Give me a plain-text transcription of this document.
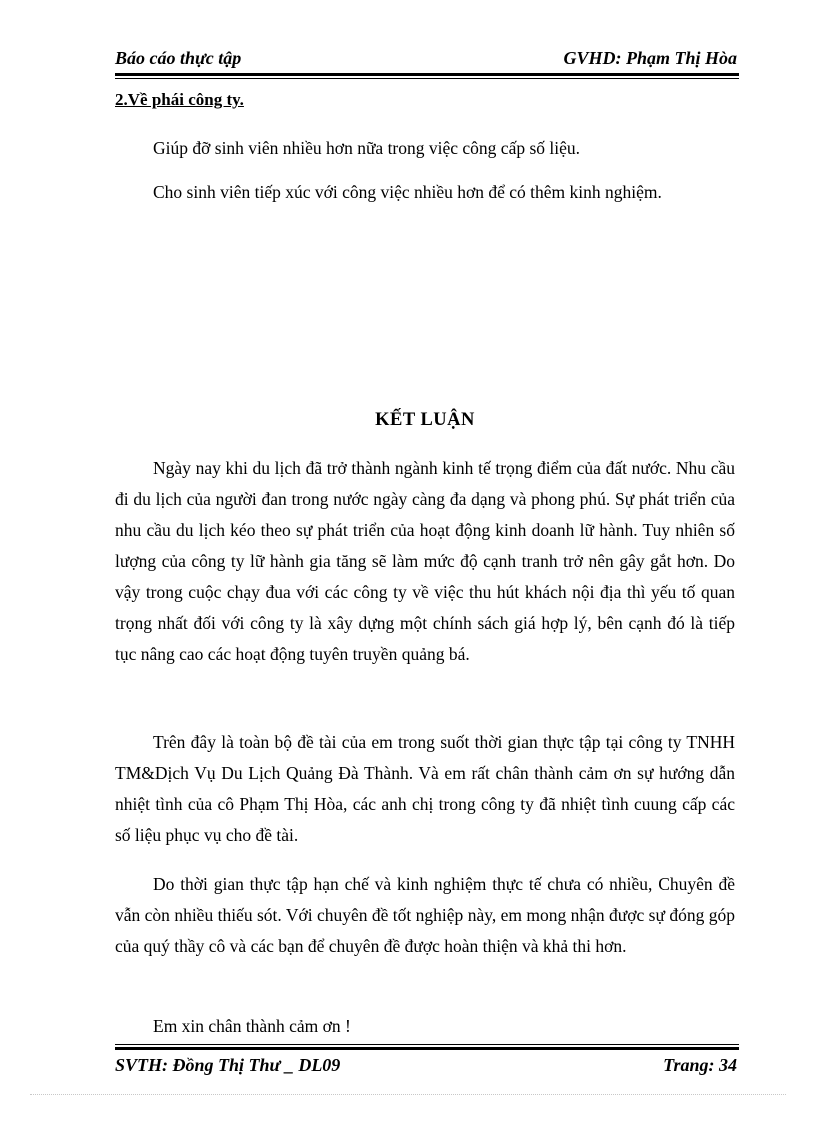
Báo cáo thực tập	GVHD: Phạm Thị Hòa
2.Về phái công ty.

Giúp đỡ sinh viên nhiều hơn nữa trong việc công cấp số liệu.

Cho sinh viên tiếp xúc với công việc nhiều hơn để có thêm kinh nghiệm.

KẾT LUẬN

Ngày nay khi du lịch đã trở thành ngành kinh tế trọng điểm của đất nước. Nhu cầu đi du lịch của người đan trong nước ngày càng đa dạng và phong phú. Sự phát triển của nhu cầu du lịch kéo theo sự phát triển của hoạt động kinh doanh lữ hành. Tuy nhiên số lượng của công ty lữ hành gia tăng sẽ làm mức độ cạnh tranh trở nên gây gắt hơn. Do vậy trong cuộc chạy đua với các công ty về việc thu hút khách nội địa thì yếu tố quan trọng nhất đối với công ty là xây dựng một chính sách giá hợp lý, bên cạnh đó là tiếp tục nâng cao các hoạt động tuyên truyền quảng bá.

Trên đây là toàn bộ đề tài của em trong suốt thời gian thực tập tại công ty TNHH TM&Dịch Vụ Du Lịch Quảng Đà Thành. Và em rất chân thành cảm ơn sự hướng dẫn nhiệt tình của cô Phạm Thị Hòa, các anh chị trong công ty đã nhiệt tình cuung cấp các số liệu phục vụ cho đề tài.

Do thời gian thực tập hạn chế và kinh nghiệm thực tế chưa có nhiều, Chuyên đề vẫn còn nhiều thiếu sót. Với chuyên đề tốt nghiệp này, em mong nhận được sự đóng góp của quý thầy cô và các bạn để chuyên đề được hoàn thiện và khả thi hơn.

Em xin chân thành cảm ơn !

SVTH: Đồng Thị Thư _ DL09	Trang: 34
